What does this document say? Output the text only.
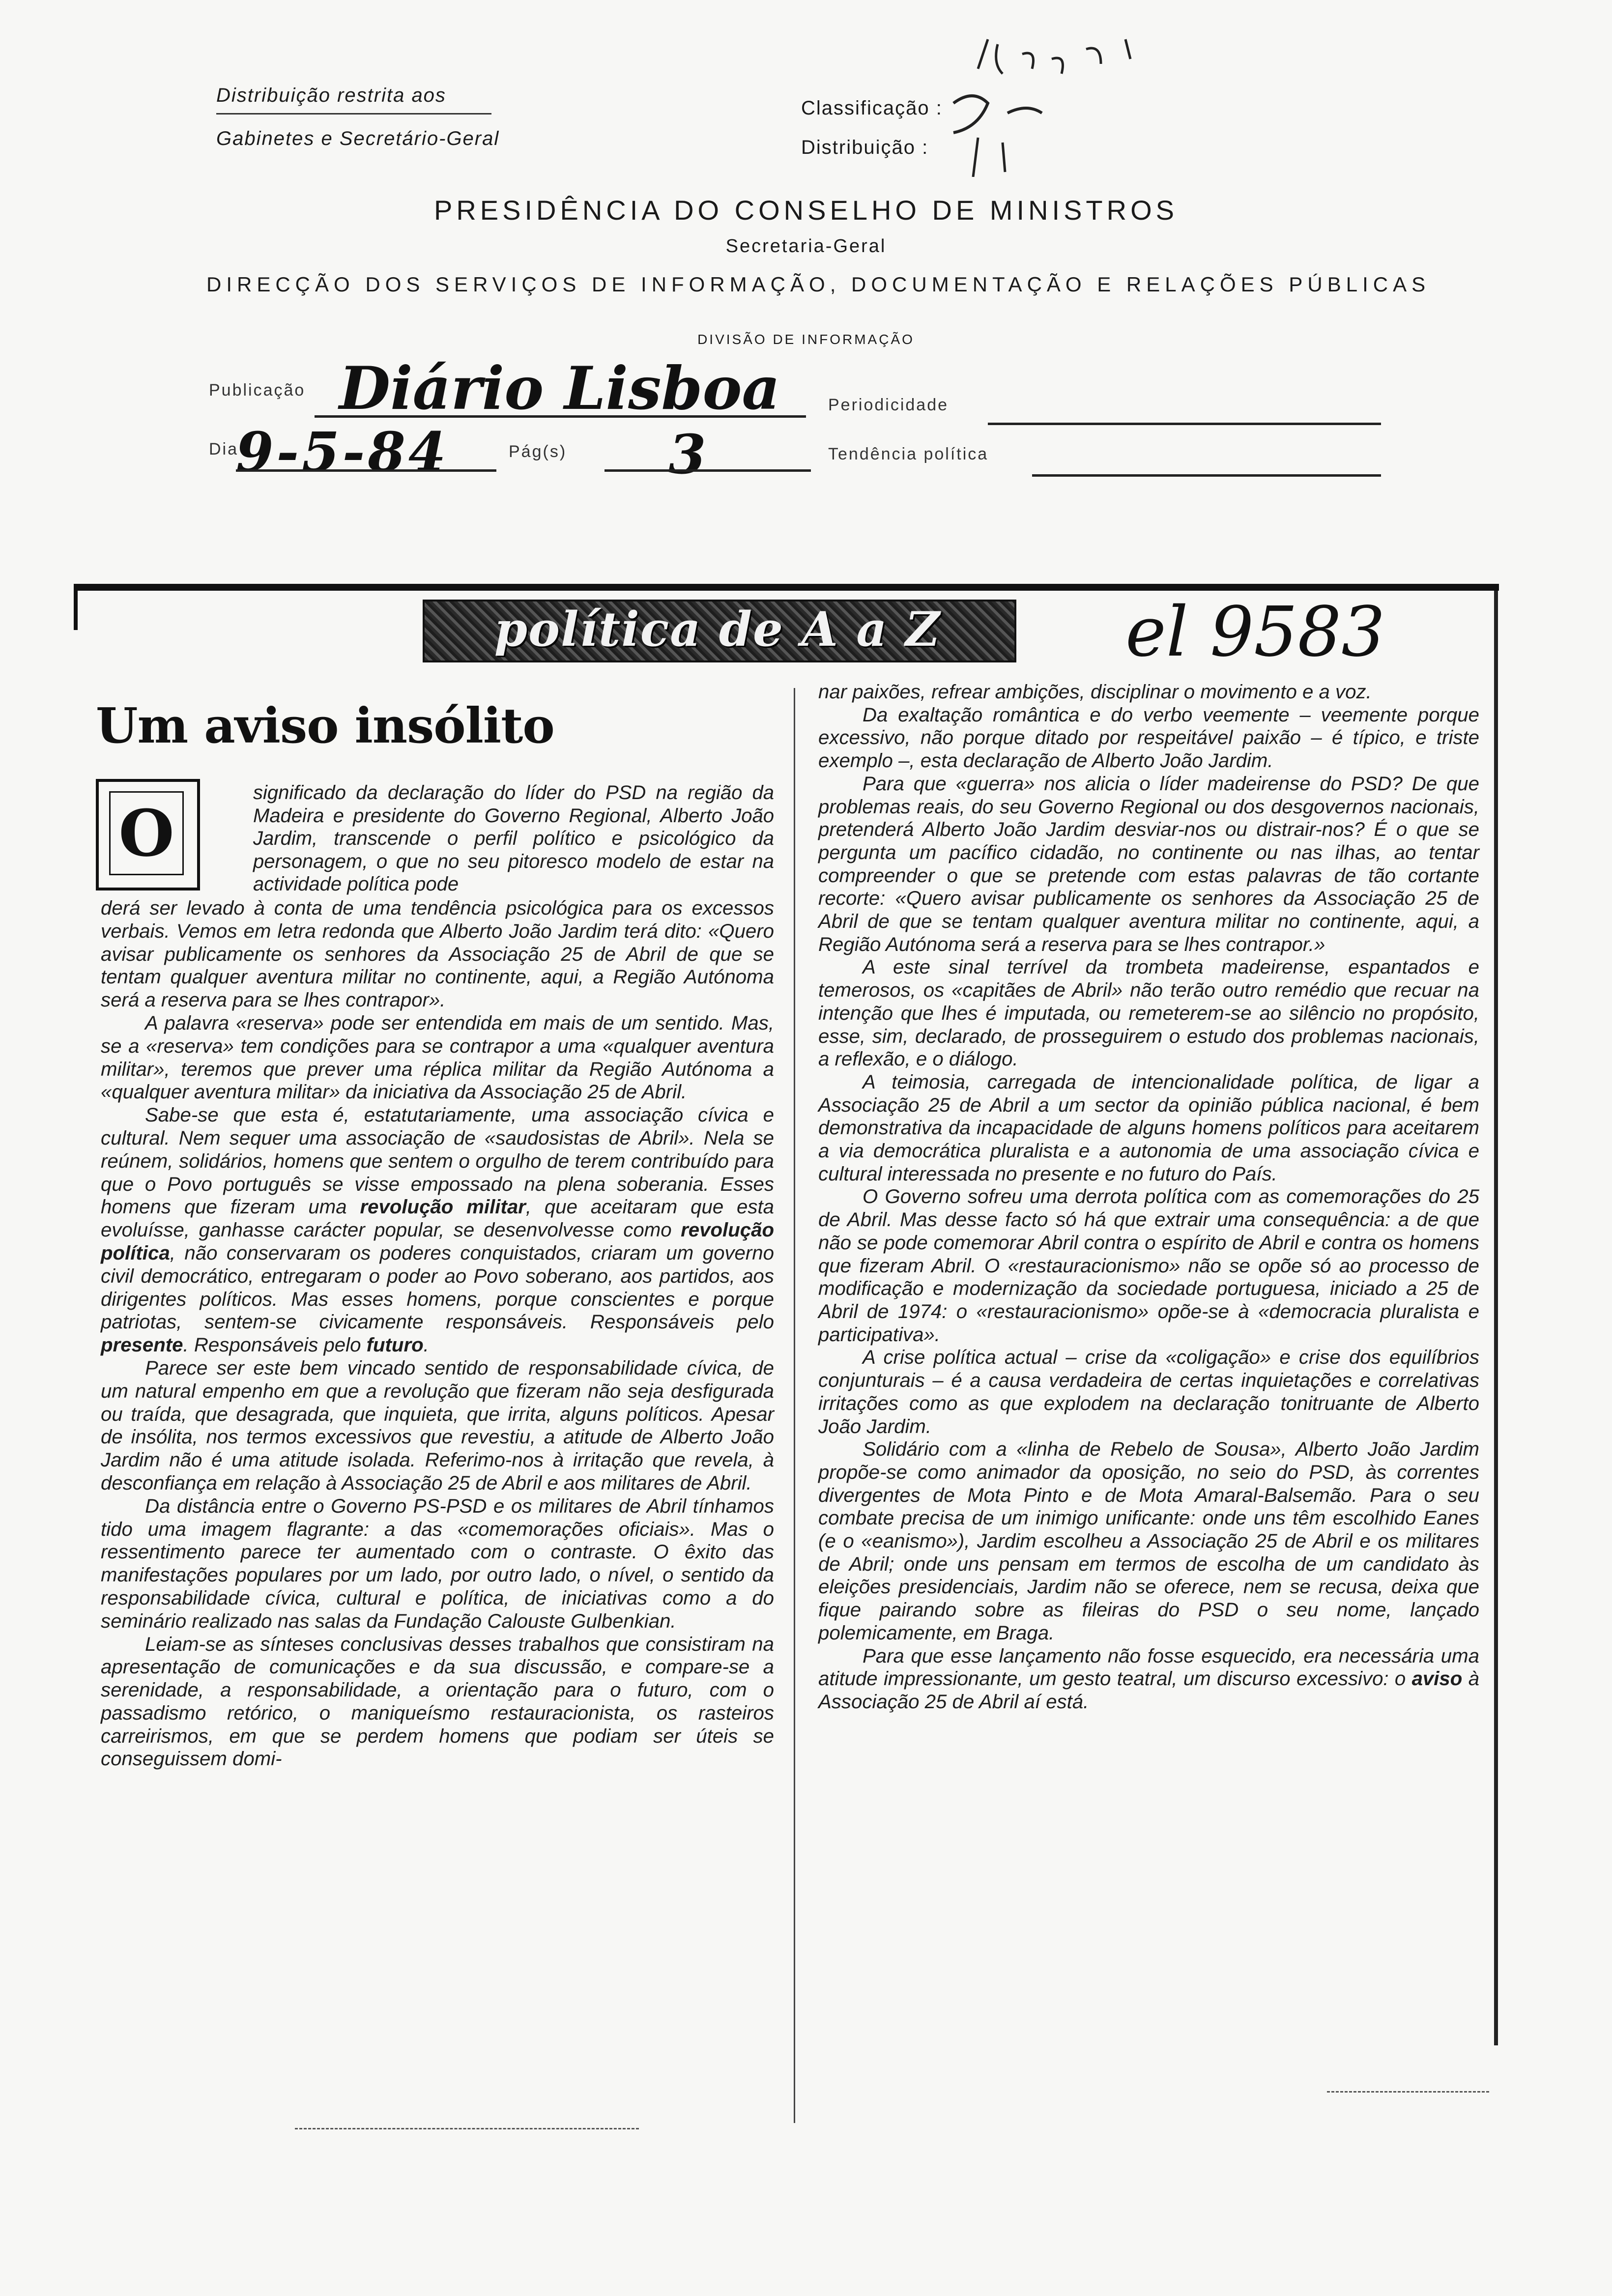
Distribuição restrita aos
Gabinetes e Secretário-Geral
Classificação :
Distribuição :
PRESIDÊNCIA DO CONSELHO DE MINISTROS
Secretaria-Geral
DIRECÇÃO DOS SERVIÇOS DE INFORMAÇÃO, DOCUMENTAÇÃO E RELAÇÕES PÚBLICAS
DIVISÃO DE INFORMAÇÃO
Publicação Diário Lisboa	Periodicidade
Dia
9-5-84	Pág(s) 3	Tendência política
política de A a Z	el 9583
Um aviso insólito
O

significado da declaração do líder do PSD na região da Madeira e presidente do Governo Regional, Alberto João Jardim, transcende o perfil político e psicológico da personagem, o que no seu pitoresco modelo de estar na actividade política pode

derá ser levado à conta de uma tendência psicológica para os excessos verbais. Vemos em letra redonda que Alberto João Jardim terá dito: «Quero avisar publicamente os senhores da Associação 25 de Abril de que se tentam qualquer aventura militar no continente, aqui, a Região Autónoma será a reserva para se lhes contrapor».

A palavra «reserva» pode ser entendida em mais de um sentido. Mas, se a «reserva» tem condições para se contrapor a uma «qualquer aventura militar», teremos que prever uma réplica militar da Região Autónoma a «qualquer aventura militar» da iniciativa da Associação 25 de Abril.

Sabe-se que esta é, estatutariamente, uma associação cívica e cultural. Nem sequer uma associação de «saudosistas de Abril». Nela se reúnem, solidários, homens que sentem o orgulho de terem contribuído para que o Povo português se visse empossado na plena soberania. Esses homens que fizeram uma revolução militar, que aceitaram que esta evoluísse, ganhasse carácter popular, se desenvolvesse como revolução política, não conservaram os poderes conquistados, criaram um governo civil democrático, entregaram o poder ao Povo soberano, aos partidos, aos dirigentes políticos. Mas esses homens, porque conscientes e porque patriotas, sentem-se civicamente responsáveis. Responsáveis pelo presente. Responsáveis pelo futuro.

Parece ser este bem vincado sentido de responsabilidade cívica, de um natural empenho em que a revolução que fizeram não seja desfigurada ou traída, que desagrada, que inquieta, que irrita, alguns políticos. Apesar de insólita, nos termos excessivos que revestiu, a atitude de Alberto João Jardim não é uma atitude isolada. Referimo-nos à irritação que revela, à desconfiança em relação à Associação 25 de Abril e aos militares de Abril.

Da distância entre o Governo PS-PSD e os militares de Abril tínhamos tido uma imagem flagrante: a das «comemorações oficiais». Mas o ressentimento parece ter aumentado com o contraste. O êxito das manifestações populares por um lado, por outro lado, o nível, o sentido da responsabilidade cívica, cultural e política, de iniciativas como a do seminário realizado nas salas da Fundação Calouste Gulbenkian.

Leiam-se as sínteses conclusivas desses trabalhos que consistiram na apresentação de comunicações e da sua discussão, e compare-se a serenidade, a responsabilidade, a orientação para o futuro, com o passadismo retórico, o maniqueísmo restauracionista, os rasteiros carreirismos, em que se perdem homens que podiam ser úteis se conseguissem domi-

nar paixões, refrear ambições, disciplinar o movimento e a voz.

Da exaltação romântica e do verbo veemente – veemente porque excessivo, não porque ditado por respeitável paixão – é típico, e triste exemplo –, esta declaração de Alberto João Jardim.

Para que «guerra» nos alicia o líder madeirense do PSD? De que problemas reais, do seu Governo Regional ou dos desgovernos nacionais, pretenderá Alberto João Jardim desviar-nos ou distrair-nos? É o que se pergunta um pacífico cidadão, no continente ou nas ilhas, ao tentar compreender o que se pretende com estas palavras de tão cortante recorte: «Quero avisar publicamente os senhores da Associação 25 de Abril de que se tentam qualquer aventura militar no continente, aqui, a Região Autónoma será a reserva para se lhes contrapor.»

A este sinal terrível da trombeta madeirense, espantados e temerosos, os «capitães de Abril» não terão outro remédio que recuar na intenção que lhes é imputada, ou remeterem-se ao silêncio no propósito, esse, sim, declarado, de prosseguirem o estudo dos problemas nacionais, a reflexão, e o diálogo.

A teimosia, carregada de intencionalidade política, de ligar a Associação 25 de Abril a um sector da opinião pública nacional, é bem demonstrativa da incapacidade de alguns homens políticos para aceitarem a via democrática pluralista e a autonomia de uma associação cívica e cultural interessada no presente e no futuro do País.

O Governo sofreu uma derrota política com as comemorações do 25 de Abril. Mas desse facto só há que extrair uma consequência: a de que não se pode comemorar Abril contra o espírito de Abril e contra os homens que fizeram Abril. O «restauracionismo» não se opõe só ao processo de modificação e modernização da sociedade portuguesa, iniciado a 25 de Abril de 1974: o «restauracionismo» opõe-se à «democracia pluralista e participativa».

A crise política actual – crise da «coligação» e crise dos equilíbrios conjunturais – é a causa verdadeira de certas inquietações e correlativas irritações como as que explodem na declaração tonitruante de Alberto João Jardim.

Solidário com a «linha de Rebelo de Sousa», Alberto João Jardim propõe-se como animador da oposição, no seio do PSD, às correntes divergentes de Mota Pinto e de Mota Amaral-Balsemão. Para o seu combate precisa de um inimigo unificante: onde uns têm escolhido Eanes (e o «eanismo»), Jardim escolheu a Associação 25 de Abril e os militares de Abril; onde uns pensam em termos de escolha de um candidato às eleições presidenciais, Jardim não se oferece, nem se recusa, deixa que fique pairando sobre as fileiras do PSD o seu nome, lançado polemicamente, em Braga.

Para que esse lançamento não fosse esquecido, era necessária uma atitude impressionante, um gesto teatral, um discurso excessivo: o aviso à Associação 25 de Abril aí está.
